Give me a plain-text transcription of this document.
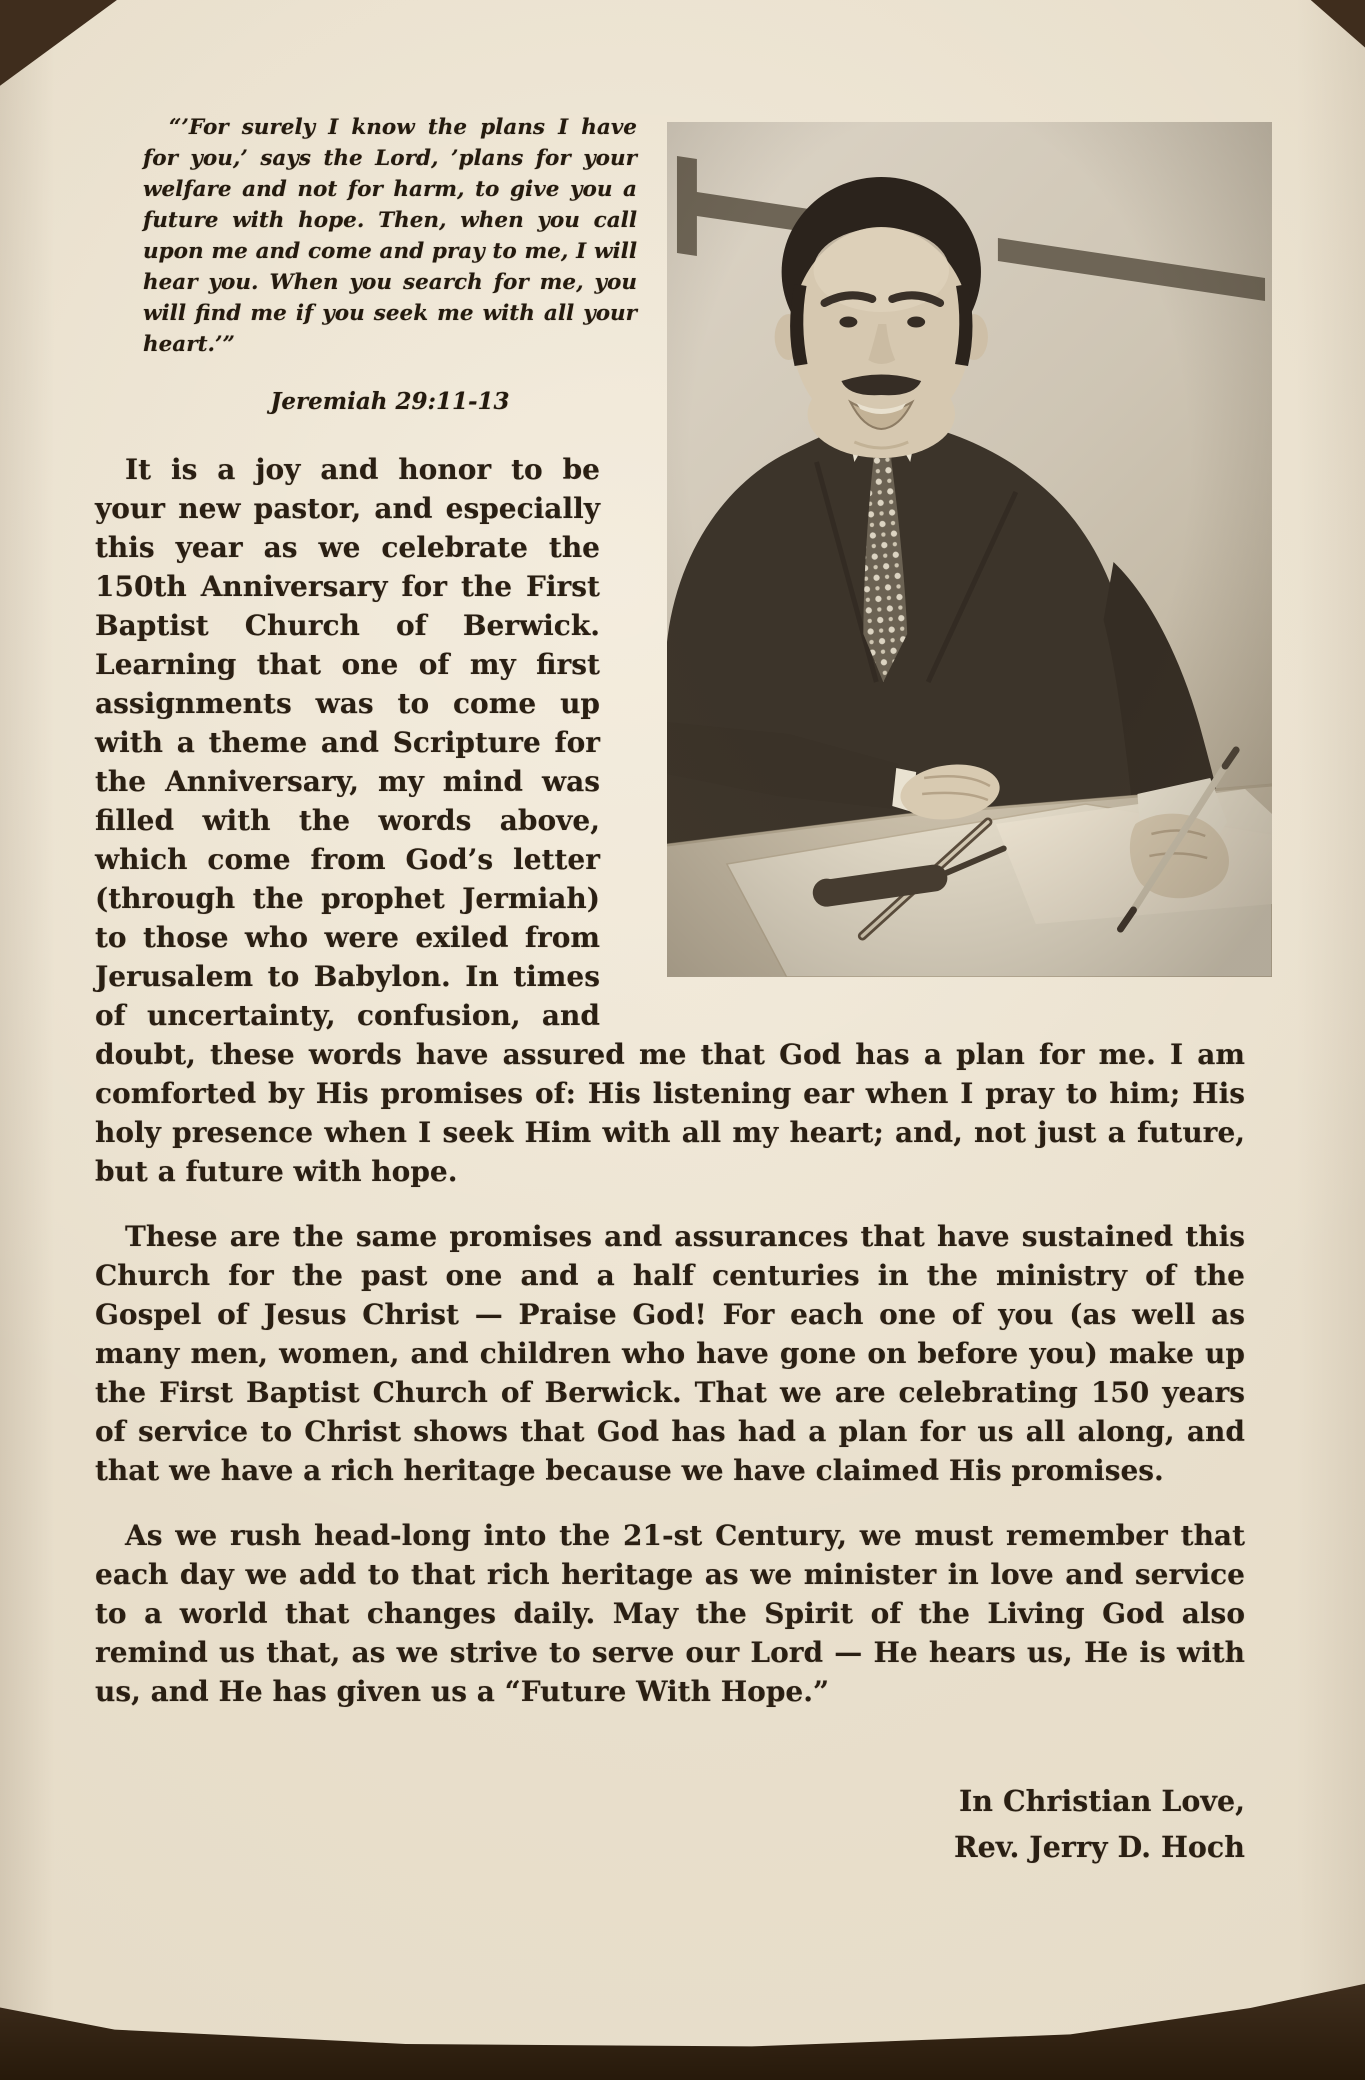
“’For surely I know the plans I have for you,’ says the Lord, ’plans for your welfare and not for harm, to give you a future with hope. Then, when you call upon me and come and pray to me, I will hear you. When you search for me, you will find me if you seek me with all your heart.’”
Jeremiah 29:11-13

It is a joy and honor to be your new pastor, and especially this year as we celebrate the 150th Anniversary for the First Baptist Church of Berwick. Learning that one of my first assignments was to come up with a theme and Scripture for the Anniversary, my mind was filled with the words above, which come from God’s letter (through the prophet Jermiah) to those who were exiled from Jerusalem to Babylon. In times of uncertainty, confusion, and doubt, these words have assured me that God has a plan for me. I am comforted by His promises of: His listening ear when I pray to him; His holy presence when I seek Him with all my heart; and, not just a future, but a future with hope.

These are the same promises and assurances that have sustained this Church for the past one and a half centuries in the ministry of the Gospel of Jesus Christ — Praise God! For each one of you (as well as many men, women, and children who have gone on before you) make up the First Baptist Church of Berwick. That we are celebrating 150 years of service to Christ shows that God has had a plan for us all along, and that we have a rich heritage because we have claimed His promises.

As we rush head-long into the 21-st Century, we must remember that each day we add to that rich heritage as we minister in love and service to a world that changes daily. May the Spirit of the Living God also remind us that, as we strive to serve our Lord — He hears us, He is with us, and He has given us a “Future With Hope.”

In Christian Love,
Rev. Jerry D. Hoch
